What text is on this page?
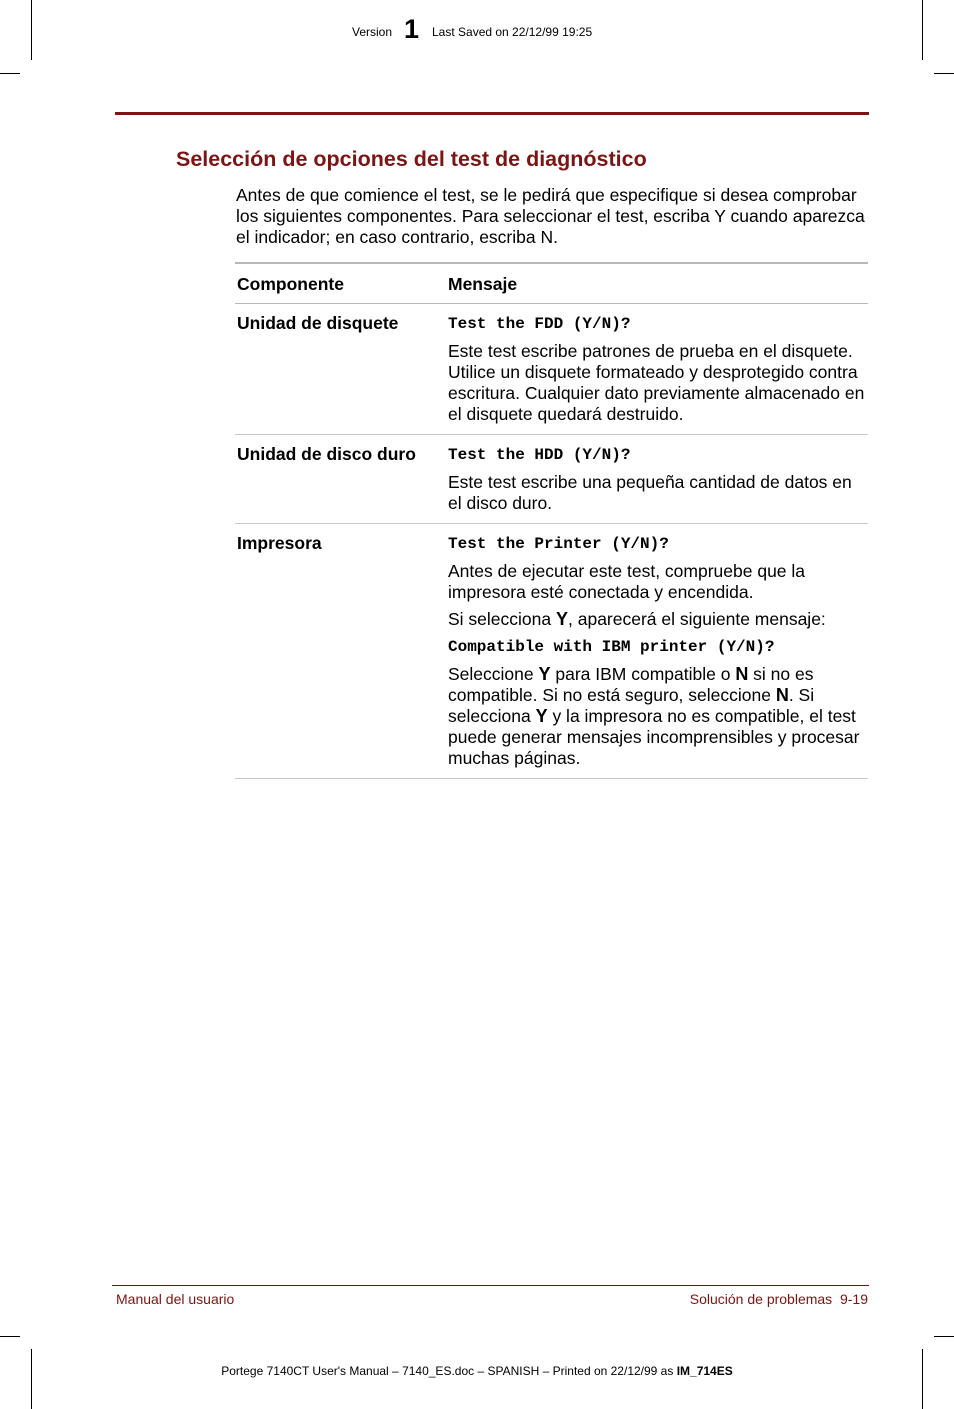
Version 1 Last Saved on 22/12/99 19:25
Selección de opciones del test de diagnóstico

Antes de que comience el test, se le pedirá que especifique si desea comprobar los siguientes componentes. Para seleccionar el test, escriba Y cuando aparezca el indicador; en caso contrario, escriba N.

Componente	Mensaje
Unidad de disquete	Test the FDD (Y/N)?

Este test escribe patrones de prueba en el disquete. Utilice un disquete formateado y desprotegido contra escritura. Cualquier dato previamente almacenado en el disquete quedará destruido.

Unidad de disco duro	Test the HDD (Y/N)?

Este test escribe una pequeña cantidad de datos en el disco duro.

Impresora	Test the Printer (Y/N)?

Antes de ejecutar este test, compruebe que la impresora esté conectada y encendida.

Si selecciona Y, aparecerá el siguiente mensaje:

Compatible with IBM printer (Y/N)?

Seleccione Y para IBM compatible o N si no es compatible. Si no está seguro, seleccione N. Si selecciona Y y la impresora no es compatible, el test puede generar mensajes incomprensibles y procesar muchas páginas.

Manual del usuario	Solución de problemas  9-19
Portege 7140CT User's Manual – 7140_ES.doc – SPANISH – Printed on 22/12/99 as IM_714ES
